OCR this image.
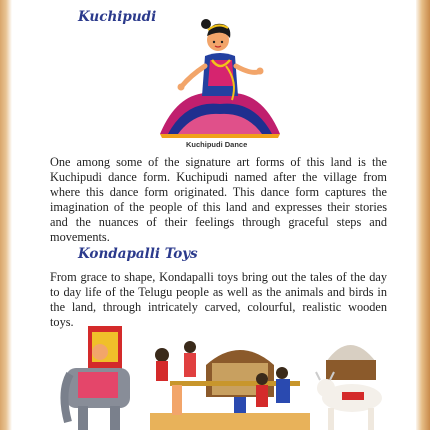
Kuchipudi
Kuchipudi Dance

One among some of the signature art forms of this land is the Kuchipudi dance form. Kuchipudi named after the village from where this dance form originated. This dance form captures the imagination of the people of this land and expresses their stories and the nuances of their feelings through graceful steps and movements.

Kondapalli Toys

From grace to shape, Kondapalli toys bring out the tales of the day to day life of the Telugu people as well as the animals and birds in the land, through intricately carved, colourful, realistic wooden toys.
